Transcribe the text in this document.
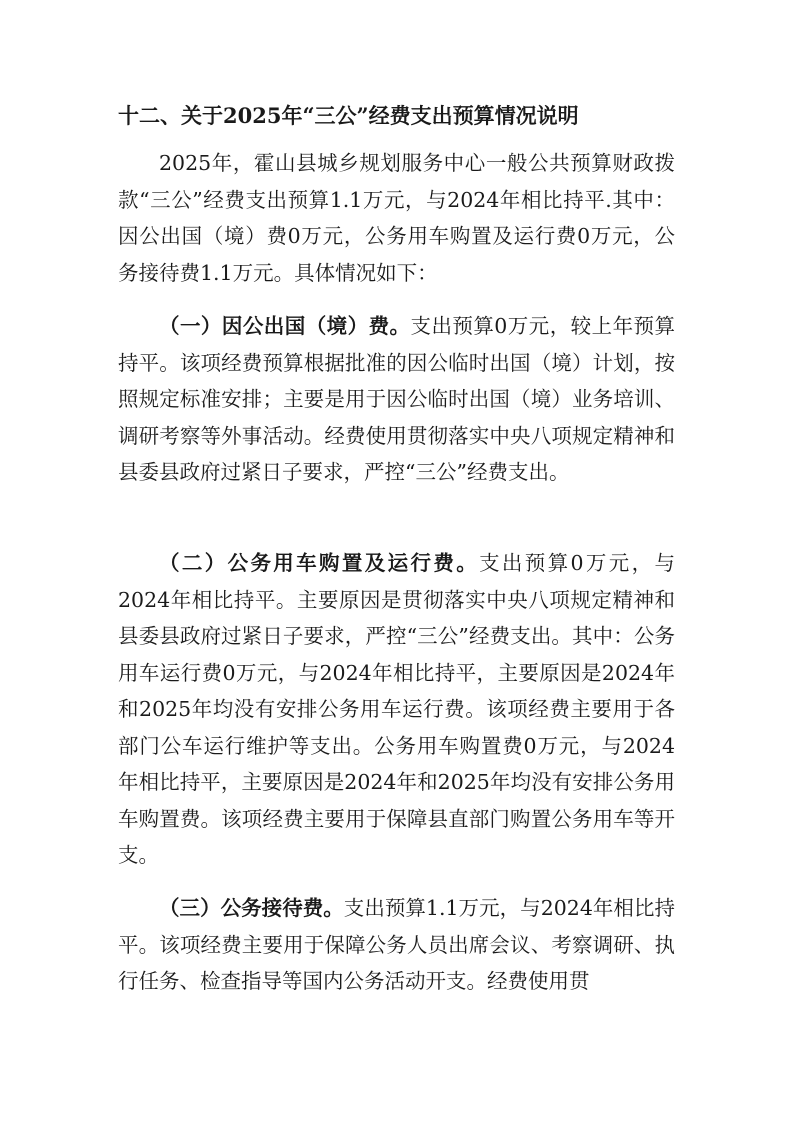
十二、关于2025年“三公”经费支出预算情况说明

2025年，霍山县城乡规划服务中心一般公共预算财政拨款“三公”经费支出预算1.1万元，与2024年相比持平.其中：因公出国（境）费0万元，公务用车购置及运行费0万元，公务接待费1.1万元。具体情况如下：

（一）因公出国（境）费。支出预算0万元，较上年预算持平。该项经费预算根据批准的因公临时出国（境）计划，按照规定标准安排；主要是用于因公临时出国（境）业务培训、调研考察等外事活动。经费使用贯彻落实中央八项规定精神和县委县政府过紧日子要求，严控“三公”经费支出。

（二）公务用车购置及运行费。支出预算0万元，与2024年相比持平。主要原因是贯彻落实中央八项规定精神和县委县政府过紧日子要求，严控“三公”经费支出。其中：公务用车运行费0万元，与2024年相比持平，主要原因是2024年和2025年均没有安排公务用车运行费。该项经费主要用于各部门公车运行维护等支出。公务用车购置费0万元，与2024年相比持平，主要原因是2024年和2025年均没有安排公务用车购置费。该项经费主要用于保障县直部门购置公务用车等开支。

（三）公务接待费。支出预算1.1万元，与2024年相比持平。该项经费主要用于保障公务人员出席会议、考察调研、执行任务、检查指导等国内公务活动开支。经费使用贯
